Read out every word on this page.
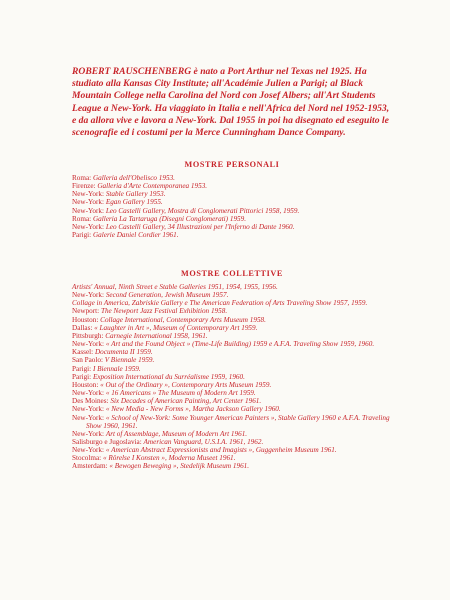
ROBERT RAUSCHENBERG è nato a Port Arthur nel Texas nel 1925. Ha studiato alla Kansas City Institute; all'Académie Julien a Parigi; al Black Mountain College nella Carolina del Nord con Josef Albers; all'Art Students League a New-York. Ha viaggiato in Italia e nell'Africa del Nord nel 1952-1953, e da allora vive e lavora a New-York. Dal 1955 in poi ha disegnato ed eseguito le scenografie ed i costumi per la Merce Cunningham Dance Company.

MOSTRE PERSONALI
Roma: Galleria dell'Obelisco 1953.
Firenze: Galleria d'Arte Contemporanea 1953.
New-York: Stable Gallery 1953.
New-York: Egan Gallery 1955.
New-York: Leo Castelli Gallery, Mostra di Conglomerati Pittorici 1958, 1959.
Roma: Galleria La Tartaruga (Disegni Conglomerati) 1959.
New-York: Leo Castelli Gallery, 34 Illustrazioni per l'Inferno di Dante 1960.
Parigi: Galerie Daniel Cordier 1961.
MOSTRE COLLETTIVE
Artists' Annual, Ninth Street e Stable Galleries 1951, 1954, 1955, 1956.
New-York: Second Generation, Jewish Museum 1957.
Collage in America, Zabriskie Gallery e The American Federation of Arts Traveling Show 1957, 1959.
Newport: The Newport Jazz Festival Exhibition 1958.
Houston: Collage International, Contemporary Arts Museum 1958.
Dallas: « Laughter in Art », Museum of Contemporary Art 1959.
Pittsburgh: Carnegie International 1958, 1961.
New-York: « Art and the Found Object » (Time-Life Building) 1959 e A.F.A. Traveling Show 1959, 1960.
Kassel: Documenta II 1959.
San Paolo: V Biennale 1959.
Parigi: I Biennale 1959.
Parigi: Exposition International du Surréalisme 1959, 1960.
Houston: « Out of the Ordinary », Contemporary Arts Museum 1959.
New-York: « 16 Americans » The Museum of Modern Art 1959.
Des Moines: Six Decades of American Painting, Art Center 1961.
New-York: « New Media - New Forms », Martha Jackson Gallery 1960.
New-York: « School of New-York: Some Younger American Painters », Stable Gallery 1960 e A.F.A. Traveling Show 1960, 1961.
New-York: Art of Assemblage, Museum of Modern Art 1961.
Salisburgo e Jugoslavia: American Vanguard, U.S.I.A. 1961, 1962.
New-York: « American Abstract Expressionists and Imagists », Guggenheim Museum 1961.
Stocolma: « Rörelse I Konsten », Moderna Museet 1961.
Amsterdam: « Bewogen Beweging », Stedelijk Museum 1961.
